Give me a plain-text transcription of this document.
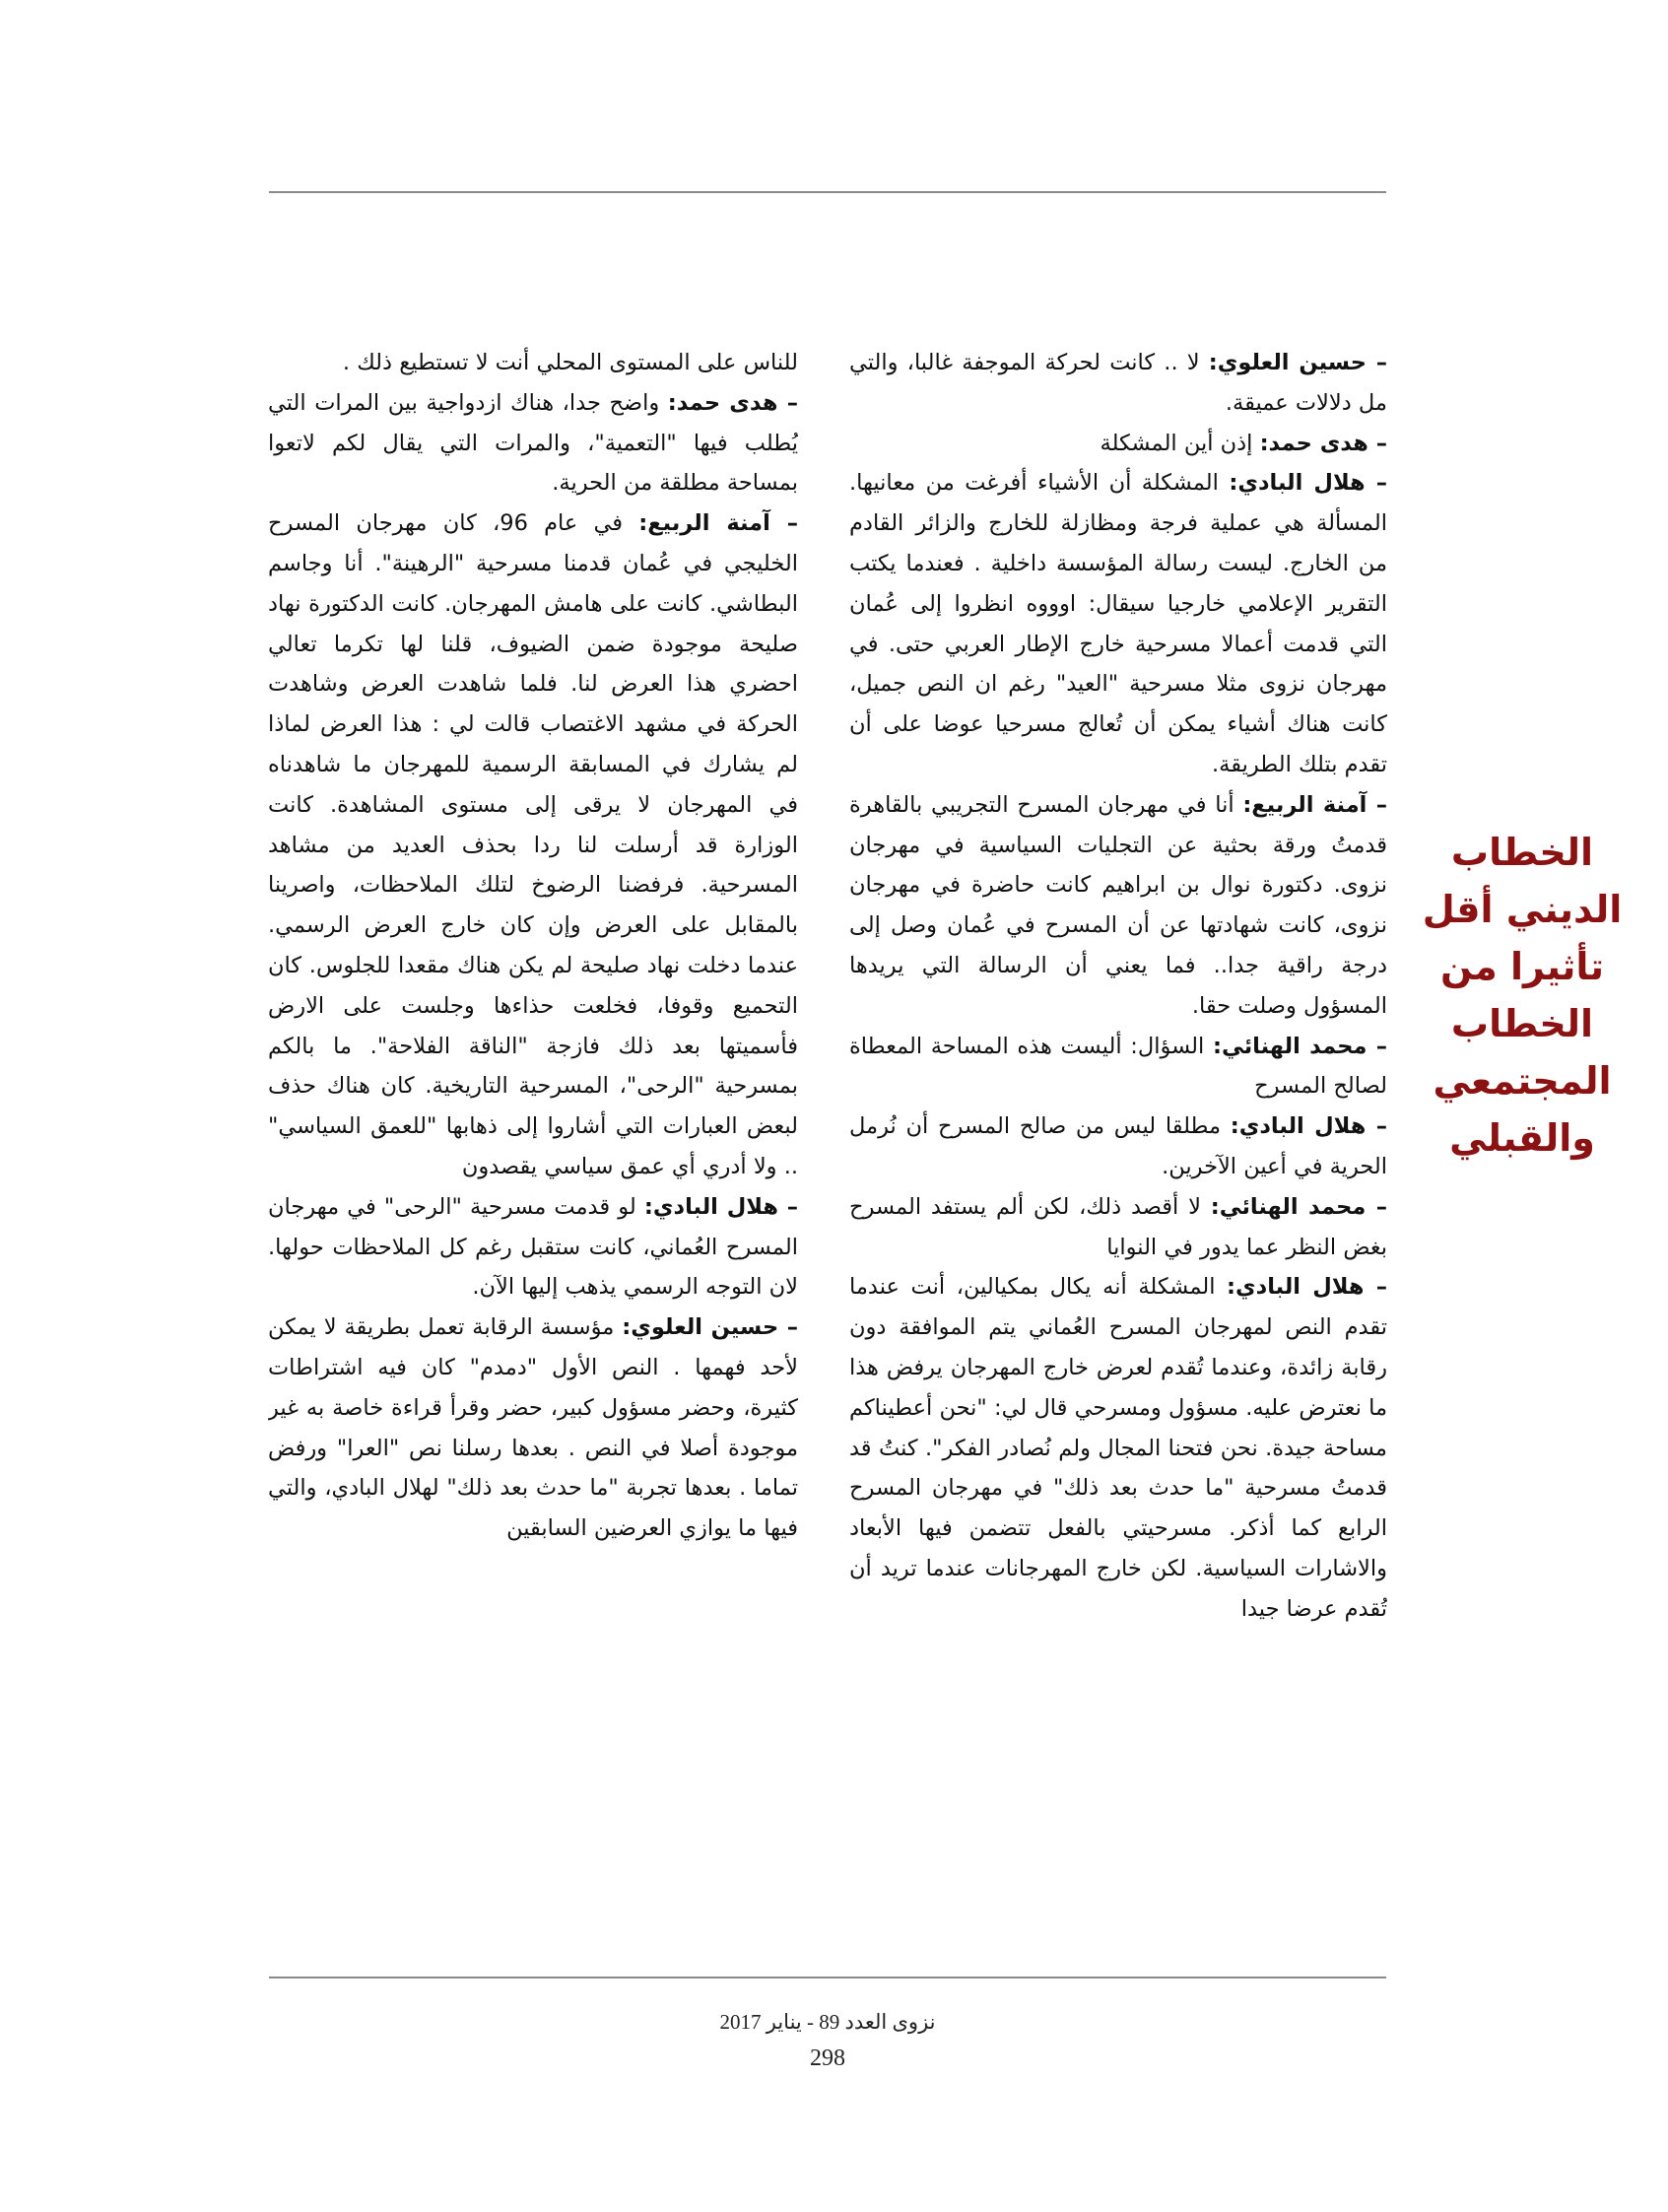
– حسين العلوي: لا .. كانت لحركة الموجفة غالبا، والتي مل دلالات عميقة.

– هدى حمد: إذن أين المشكلة

– هلال البادي: المشكلة أن الأشياء أفرغت من معانيها. المسألة هي عملية فرجة ومظازلة للخارج والزائر القادم من الخارج. ليست رسالة المؤسسة داخلية . فعندما يكتب التقرير الإعلامي خارجيا سيقال: اوووه انظروا إلى عُمان التي قدمت أعمالا مسرحية خارج الإطار العربي حتى. في مهرجان نزوى مثلا مسرحية "العيد" رغم ان النص جميل، كانت هناك أشياء يمكن أن تُعالج مسرحيا عوضا على أن تقدم بتلك الطريقة.

– آمنة الربيع: أنا في مهرجان المسرح التجريبي بالقاهرة قدمتُ ورقة بحثية عن التجليات السياسية في مهرجان نزوى. دكتورة نوال بن ابراهيم كانت حاضرة في مهرجان نزوى، كانت شهادتها عن أن المسرح في عُمان وصل إلى درجة راقية جدا.. فما يعني أن الرسالة التي يريدها المسؤول وصلت حقا.

– محمد الهنائي: السؤال: أليست هذه المساحة المعطاة لصالح المسرح

– هلال البادي: مطلقا ليس من صالح المسرح أن نُرمل الحرية في أعين الآخرين.

– محمد الهنائي: لا أقصد ذلك، لكن ألم يستفد المسرح بغض النظر عما يدور في النوايا

– هلال البادي: المشكلة أنه يكال بمكيالين، أنت عندما تقدم النص لمهرجان المسرح العُماني يتم الموافقة دون رقابة زائدة، وعندما تُقدم لعرض خارج المهرجان يرفض هذا ما نعترض عليه. مسؤول ومسرحي قال لي: "نحن أعطيناكم مساحة جيدة. نحن فتحنا المجال ولم نُصادر الفكر". كنتُ قد قدمتُ مسرحية "ما حدث بعد ذلك" في مهرجان المسرح الرابع كما أذكر. مسرحيتي بالفعل تتضمن فيها الأبعاد والاشارات السياسية. لكن خارج المهرجانات عندما تريد أن تُقدم عرضا جيدا

للناس على المستوى المحلي أنت لا تستطيع ذلك .

– هدى حمد: واضح جدا، هناك ازدواجية بين المرات التي يُطلب فيها "التعمية"، والمرات التي يقال لكم لاتعوا بمساحة مطلقة من الحرية.

– آمنة الربيع: في عام 96، كان مهرجان المسرح الخليجي في عُمان قدمنا مسرحية "الرهينة". أنا وجاسم البطاشي. كانت على هامش المهرجان. كانت الدكتورة نهاد صليحة موجودة ضمن الضيوف، قلنا لها تكرما تعالي احضري هذا العرض لنا. فلما شاهدت العرض وشاهدت الحركة في مشهد الاغتصاب قالت لي : هذا العرض لماذا لم يشارك في المسابقة الرسمية للمهرجان ما شاهدناه في المهرجان لا يرقى إلى مستوى المشاهدة. كانت الوزارة قد أرسلت لنا ردا بحذف العديد من مشاهد المسرحية. فرفضنا الرضوخ لتلك الملاحظات، واصرينا بالمقابل على العرض وإن كان خارج العرض الرسمي. عندما دخلت نهاد صليحة لم يكن هناك مقعدا للجلوس. كان التحميع وقوفا، فخلعت حذاءها وجلست على الارض فأسميتها بعد ذلك فازجة "الناقة الفلاحة". ما بالكم بمسرحية "الرحى"، المسرحية التاريخية. كان هناك حذف لبعض العبارات التي أشاروا إلى ذهابها "للعمق السياسي" .. ولا أدري أي عمق سياسي يقصدون

– هلال البادي: لو قدمت مسرحية "الرحى" في مهرجان المسرح العُماني، كانت ستقبل رغم كل الملاحظات حولها. لان التوجه الرسمي يذهب إليها الآن.

– حسين العلوي: مؤسسة الرقابة تعمل بطريقة لا يمكن لأحد فهمها . النص الأول "دمدم" كان فيه اشتراطات كثيرة، وحضر مسؤول كبير، حضر وقرأ قراءة خاصة به غير موجودة أصلا في النص . بعدها رسلنا نص "العرا" ورفض تماما . بعدها تجربة "ما حدث بعد ذلك" لهلال البادي، والتي فيها ما يوازي العرضين السابقين

الخطاب
الديني أقل
تأثيرا من
الخطاب
المجتمعي
والقبلي
نزوى العدد 89 - يناير 2017
298
